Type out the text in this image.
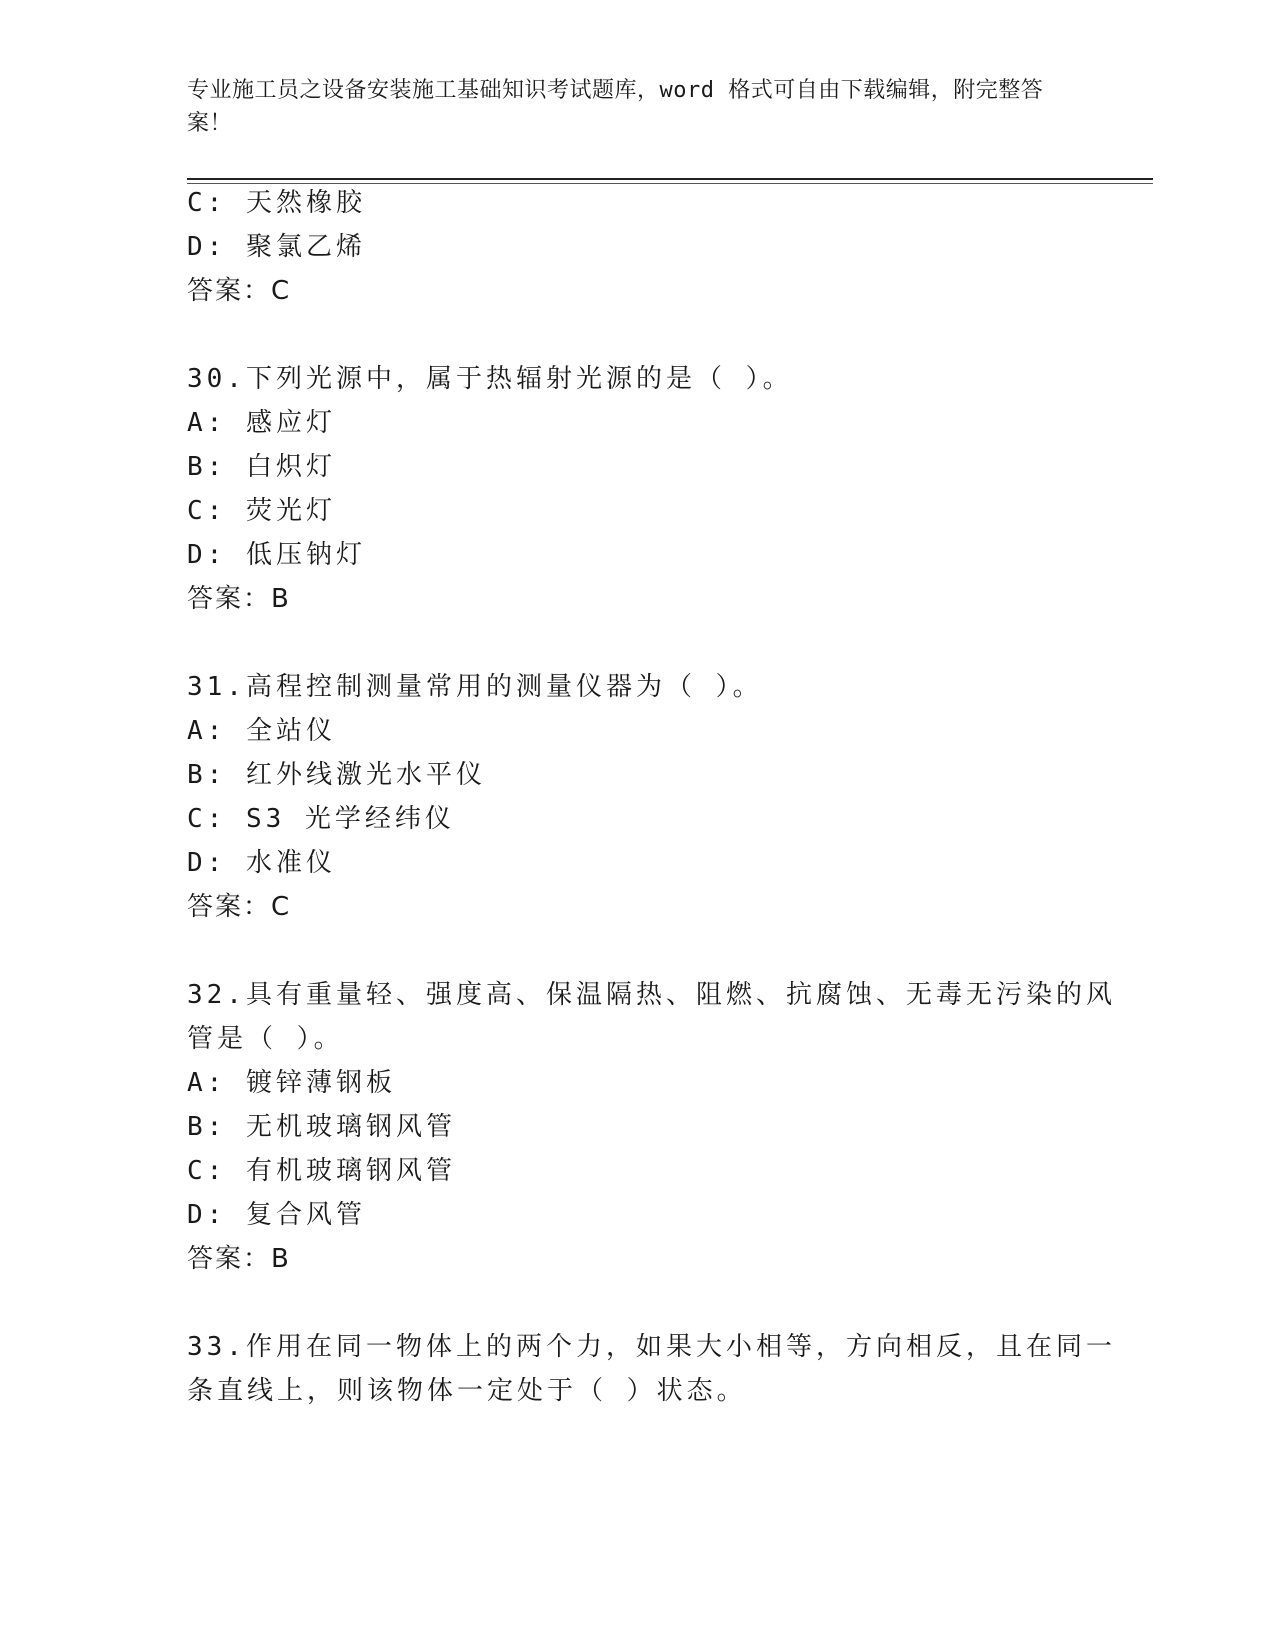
专业施工员之设备安装施工基础知识考试题库，word 格式可自由下载编辑，附完整答案！
C: 天然橡胶
D: 聚氯乙烯
答案：C
30.下列光源中，属于热辐射光源的是（ ）。
A: 感应灯
B: 白炽灯
C: 荧光灯
D: 低压钠灯
答案：B
31.高程控制测量常用的测量仪器为（ ）。
A: 全站仪
B: 红外线激光水平仪
C: S3 光学经纬仪
D: 水准仪
答案：C
32.具有重量轻、强度高、保温隔热、阻燃、抗腐蚀、无毒无污染的风
管是（ ）。
A: 镀锌薄钢板
B: 无机玻璃钢风管
C: 有机玻璃钢风管
D: 复合风管
答案：B
33.作用在同一物体上的两个力，如果大小相等，方向相反，且在同一
条直线上，则该物体一定处于（ ）状态。
